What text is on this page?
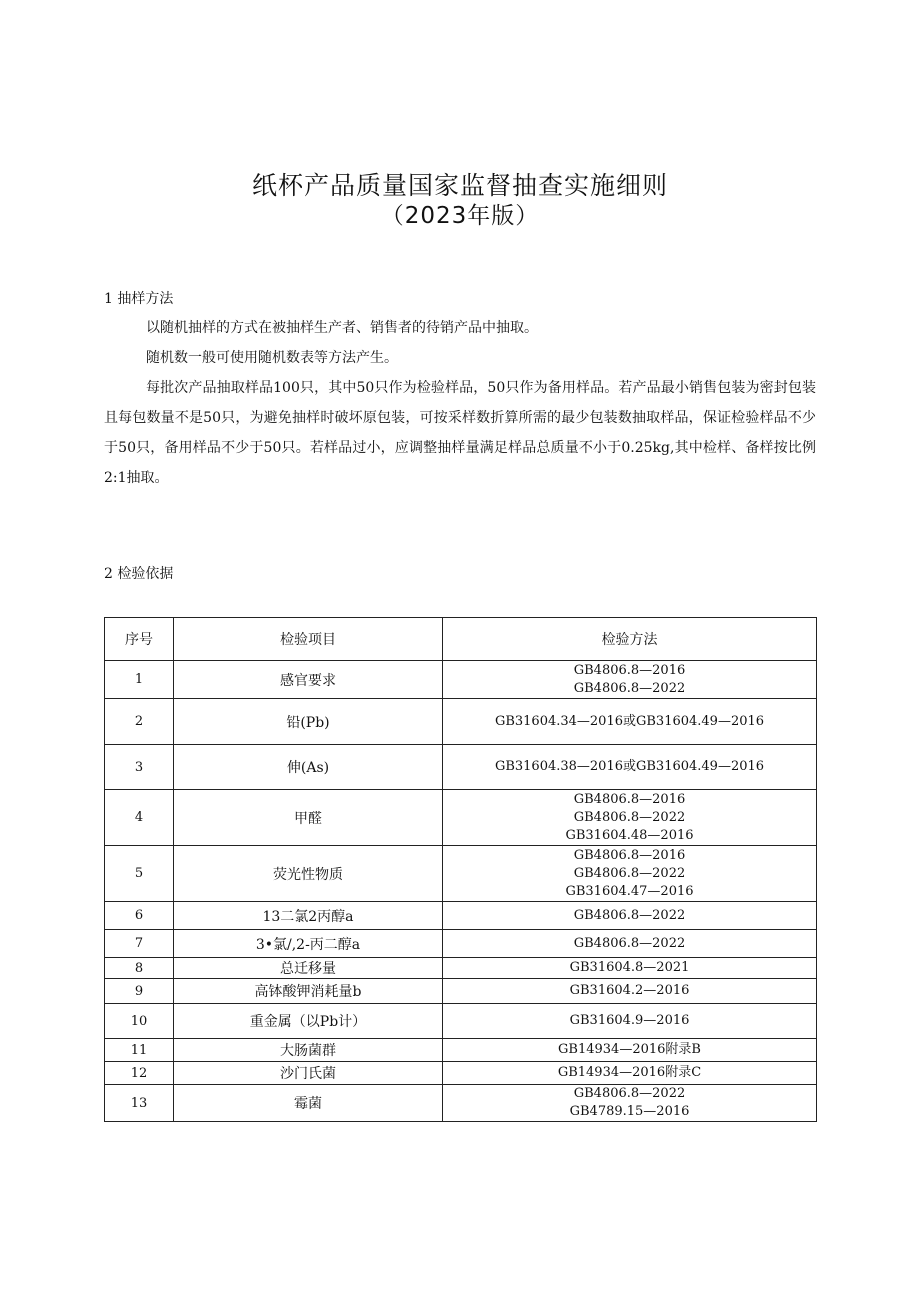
纸杯产品质量国家监督抽查实施细则
（2023年版）
1 抽样方法

以随机抽样的方式在被抽样生产者、销售者的待销产品中抽取。

随机数一般可使用随机数表等方法产生。

每批次产品抽取样品100只，其中50只作为检验样品，50只作为备用样品。若产品最小销售包装为密封包装且每包数量不是50只，为避免抽样时破坏原包装，可按采样数折算所需的最少包装数抽取样品，保证检验样品不少于50只，备用样品不少于50只。若样品过小，应调整抽样量满足样品总质量不小于0.25kg,其中检样、备样按比例2:1抽取。

2 检验依据
序号	检验项目	检验方法
1	感官要求	GB4806.8—2016
GB4806.8—2022

2	铅(Pb)	GB31604.34—2016或GB31604.49—2016

3	伸(As)	GB31604.38—2016或GB31604.49—2016

4	甲醛	GB4806.8—2016
GB4806.8—2022
GB31604.48—2016

5	荧光性物质	GB4806.8—2016
GB4806.8—2022
GB31604.47—2016

6	13二氯2丙醇a	GB4806.8—2022

7	3•氯/,2-丙二醇a	GB4806.8—2022

8	总迁移量	GB31604.8—2021

9	高钵酸钾消耗量b	GB31604.2—2016

10	重金属（以Pb计）	GB31604.9—2016

11	大肠菌群	GB14934—2016附录B

12	沙门氏菌	GB14934—2016附录C

13	霉菌	GB4806.8—2022
GB4789.15—2016
